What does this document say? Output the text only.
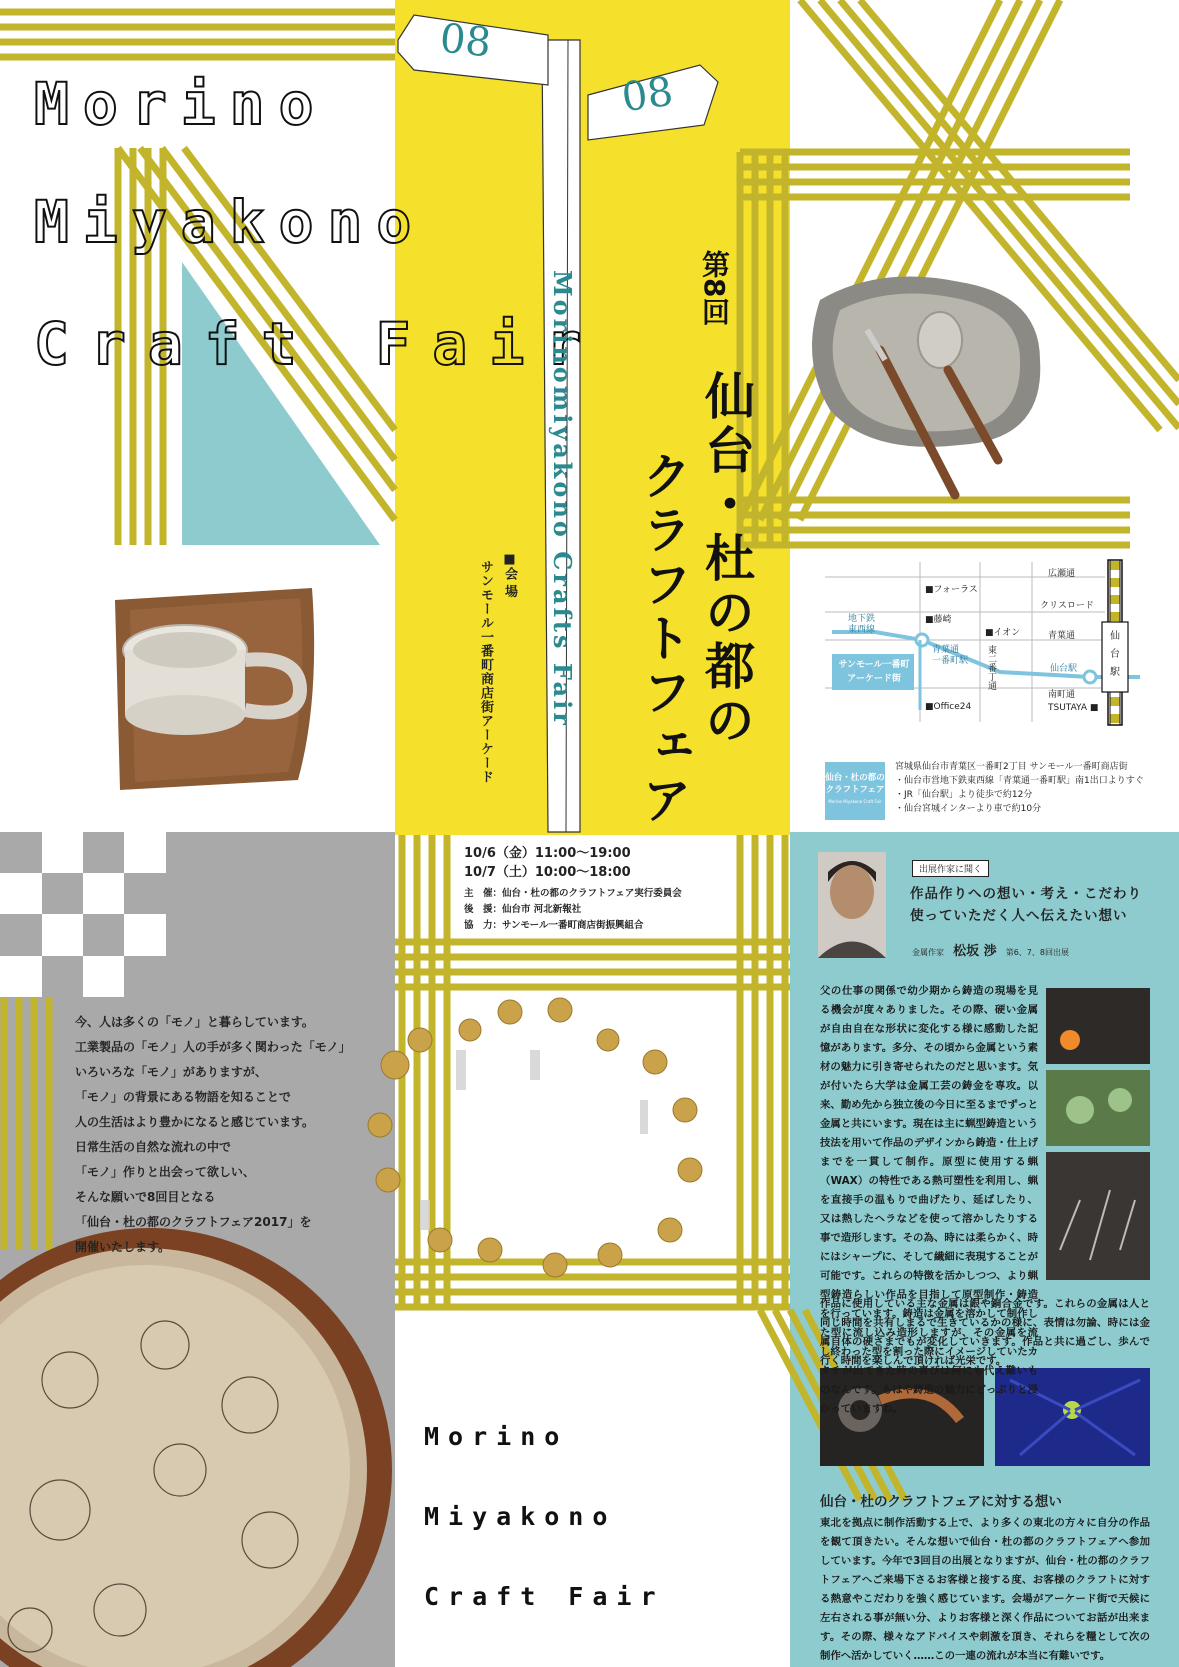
08
08
Morino
Miyakono
Craft Fair
Morinomiyakono Crafts Fair	第8回
仙台・杜の都の
クラフトフェア
■会 場
サンモール一番町商店街アーケード
10/6（金）11:00〜19:00
10/7（土）10:00〜18:00
主　催：仙台・杜の都のクラフトフェア実行委員会
後　援：仙台市 河北新報社
協　力：サンモール一番町商店街振興組合
広瀬通
クリスロード
青葉通
南町通
東二番丁通
■フォーラス
■藤崎
■イオン
■Office24	TSUTAYA ■
地下鉄
東西線
青葉通
一番町駅
仙台駅
仙
台
駅
サンモール一番町
アーケード街
仙台・杜の都の
クラフトフェア
Morino Miyakono Craft Fair
宮城県仙台市青葉区一番町2丁目 サンモール一番町商店街
・仙台市営地下鉄東西線「青葉通一番町駅」南1出口よりすぐ
・JR「仙台駅」より徒歩で約12分
・仙台宮城インターより車で約10分
今、人は多くの「モノ」と暮らしています。
工業製品の「モノ」人の手が多く関わった「モノ」
いろいろな「モノ」がありますが、
「モノ」の背景にある物語を知ることで
人の生活はより豊かになると感じています。
日常生活の自然な流れの中で
「モノ」作りと出会って欲しい、
そんな願いで8回目となる
「仙台・杜の都のクラフトフェア2017」を
開催いたします。
出展作家に聞く
作品作りへの想い・考え・こだわり
使っていただく人へ伝えたい想い
金属作家 松坂 渉 第6、7、8回出展
父の仕事の関係で幼少期から鋳造の現場を見る機会が度々ありました。その際、硬い金属が自由自在な形状に変化する様に感動した記憶があります。多分、その頃から金属という素材の魅力に引き寄せられたのだと思います。気が付いたら大学は金属工芸の鋳金を専攻。以来、勤め先から独立後の今日に至るまでずっと金属と共にいます。現在は主に蝋型鋳造という技法を用いて作品のデザインから鋳造・仕上げまでを一貫して制作。原型に使用する蝋（WAX）の特性である熱可塑性を利用し、蝋を直接手の温もりで曲げたり、延ばしたり、又は熱したヘラなどを使って溶かしたりする事で造形します。その為、時には柔らかく、時にはシャープに、そして繊細に表現することが可能です。これらの特徴を活かしつつ、より蝋型鋳造らしい作品を目指して原型制作・鋳造を行っています。鋳造は金属を溶かして制作した型に流し込み造形しますが、その金属を流し終わった型を割った際にイメージしていたカタチが出てきた時の喜びは何にも代え難いものなんです。もはや鋳造の魅力にどっぷりと浸かっていますね。
作品に使用している主な金属は銀や銅合金です。これらの金属は人と同じ時間を共有しまるで生きているかの様に、表情は勿論、時には金属自体の硬さまでもが変化していきます。作品と共に過ごし、歩んで行く時間を楽しんで頂ければ光栄です。
仙台・杜のクラフトフェアに対する想い
東北を拠点に制作活動する上で、より多くの東北の方々に自分の作品を観て頂きたい。そんな想いで仙台・杜の都のクラフトフェアへ参加しています。今年で3回目の出展となりますが、仙台・杜の都のクラフトフェアへご来場下さるお客様と接する度、お客様のクラフトに対する熱意やこだわりを強く感じています。会場がアーケード街で天候に左右される事が無い分、よりお客様と深く作品についてお話が出来ます。その際、様々なアドバイスや刺激を頂き、それらを糧として次の制作へ活かしていく……この一連の流れが本当に有難いです。
Morino
Miyakono
Craft Fair
